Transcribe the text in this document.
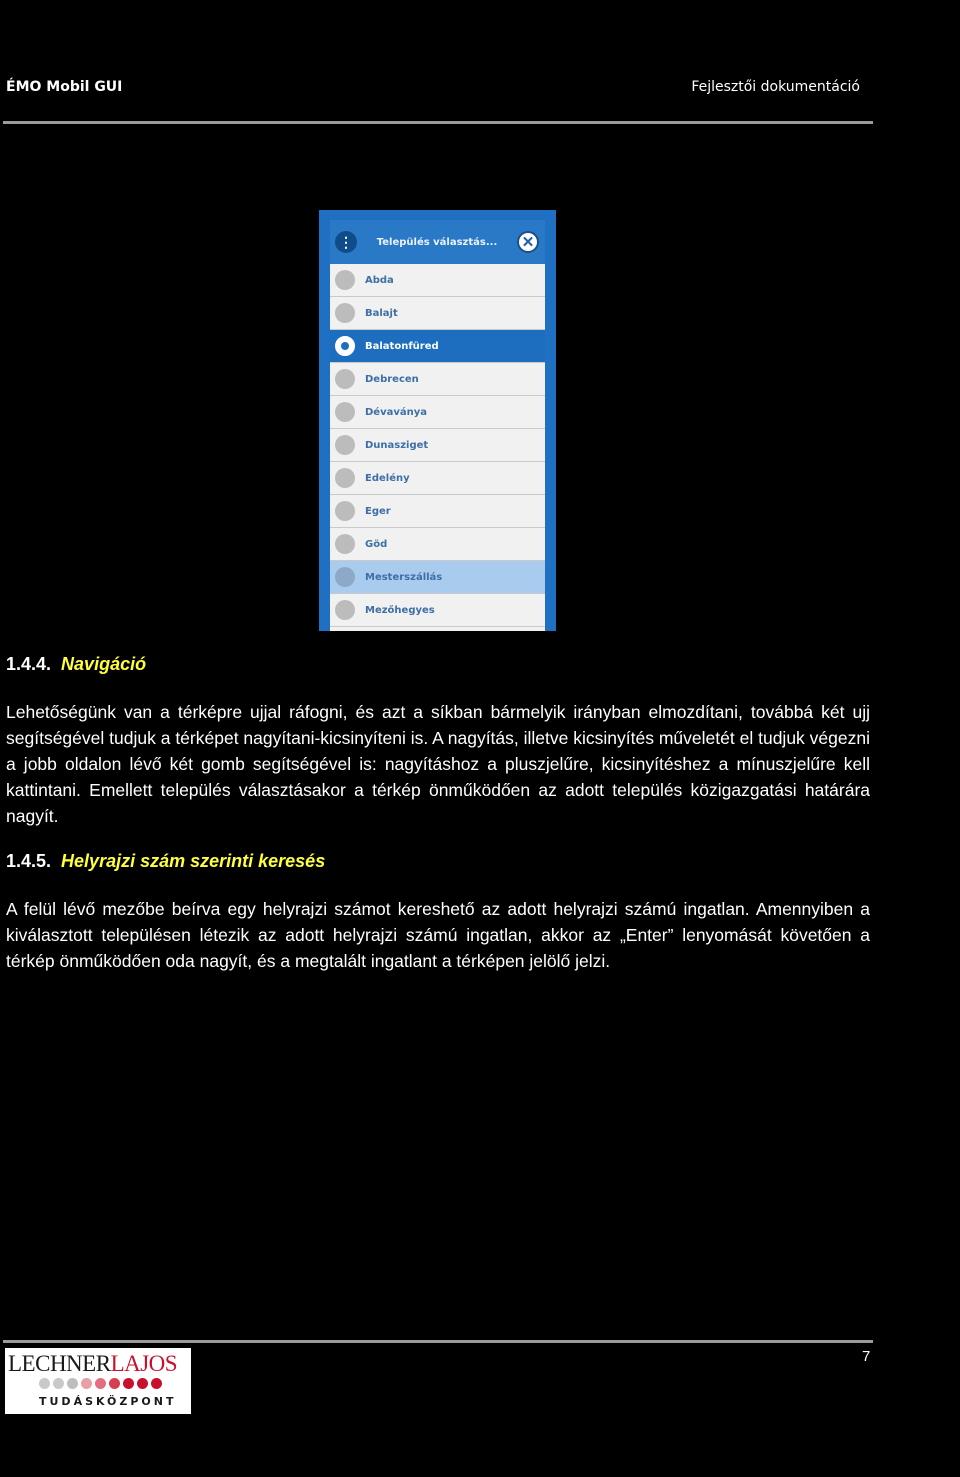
ÉMO Mobil GUI	Fejlesztői dokumentáció
⋮	Település választás...	✕
Abda
Balajt
Balatonfüred
Debrecen
Dévaványa
Dunasziget
Edelény
Eger
Göd
Mesterszállás
Mezőhegyes
1.4.4. Navigáció
Lehetőségünk van a térképre ujjal ráfogni, és azt a síkban bármelyik irányban elmozdítani, továbbá két ujj segítségével tudjuk a térképet nagyítani-kicsinyíteni is. A nagyítás, illetve kicsinyítés műveletét el tudjuk végezni a jobb oldalon lévő két gomb segítségével is: nagyításhoz a pluszjelűre, kicsinyítéshez a mínuszjelűre kell kattintani. Emellett település választásakor a térkép önműködően az adott település közigazgatási határára nagyít.
1.4.5. Helyrajzi szám szerinti keresés
A felül lévő mezőbe beírva egy helyrajzi számot kereshető az adott helyrajzi számú ingatlan. Amennyiben a kiválasztott településen létezik az adott helyrajzi számú ingatlan, akkor az „Enter” lenyomását követően a térkép önműködően oda nagyít, és a megtalált ingatlant a térképen jelölő jelzi.
LECHNERLAJOS
TUDÁSKÖZPONT
7
